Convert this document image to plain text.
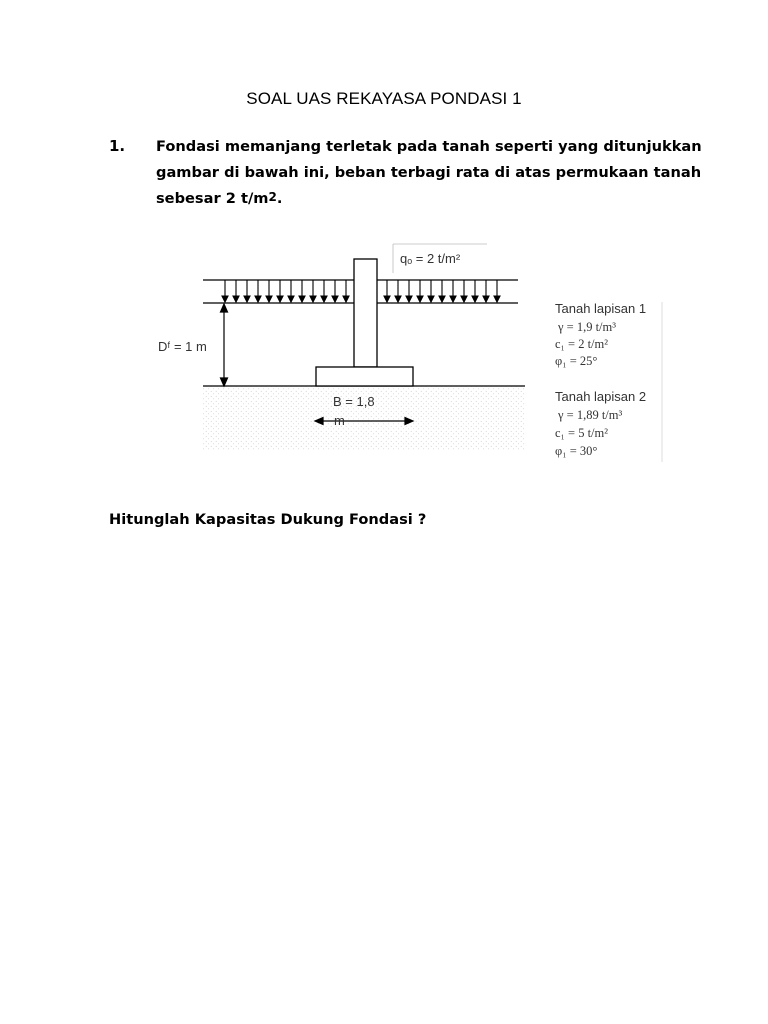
SOAL UAS REKAYASA PONDASI 1
1. Fondasi memanjang terletak pada tanah seperti yang ditunjukkan
gambar di bawah ini, beban terbagi rata di atas permukaan tanah
sebesar 2 $t/m^2$.
qₒ = 2 t/m²
Dᶠ = 1 m
B = 1,8
m
Tanah lapisan 1
γ = 1,9 t/m³
c₁ = 2 t/m²
φ₁ = 25°
Tanah lapisan 2
γ = 1,89 t/m³
c₁ = 5 t/m²
φ₁ = 30°
Hitunglah Kapasitas Dukung Fondasi ?
